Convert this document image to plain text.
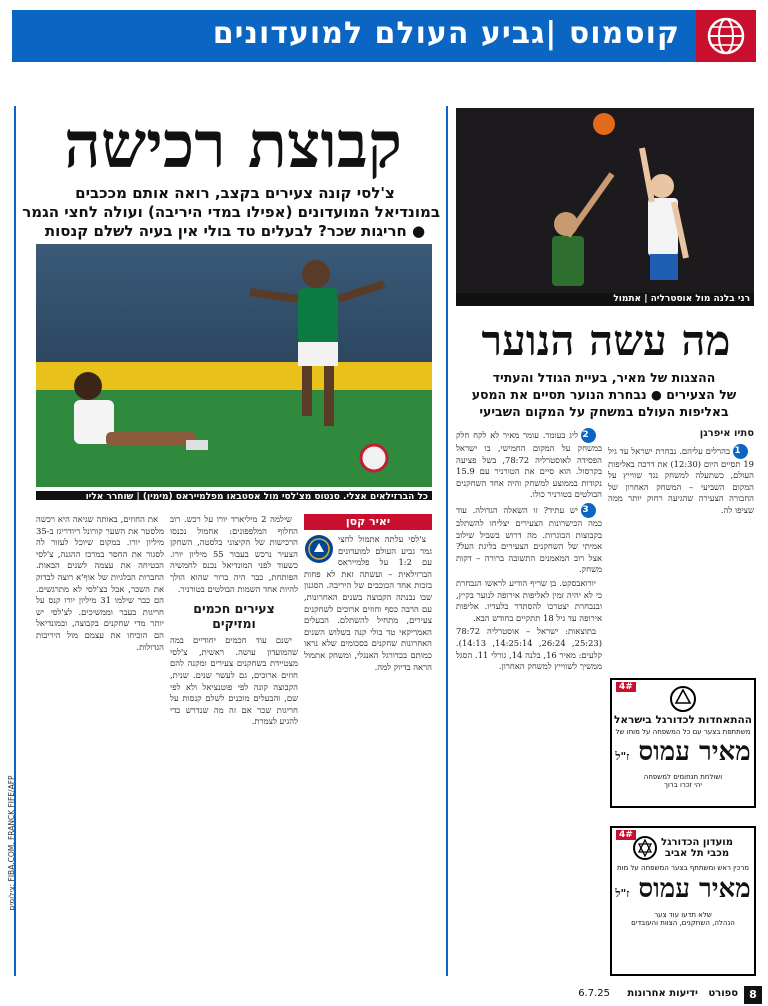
קוסמוס |גביע העולם למועדונים
קבוצת רכישה
צ'לסי קונה צעירים בקצב, רואה אותם מככבים
במונדיאל המועדונים (אפילו במדי היריבה) ועולה לחצי הגמר
● חריגות שכר? לבעלים טד בולי אין בעיה לשלם קנסות
כל הברזילאים אצלי. סנטוס מצ'לסי מול אסטבאו מפלמייראס (מימין) | שוחרר אליו
יאיר קסן

צ'לסי עלתה אתמול לחצי גמר גביע העולם למועדונים עם 1:2 על פלמייראס הברזילאית – ועשתה זאת לא פחות בזכות אחד הכוכבים של היריבה. הסגנון שבו נבנתה הקבוצה בשנים האחרונות, עם הרבה כסף וחוזים ארוכים לשחקנים צעירים, מתחיל להשתלם. הבעלים האמריקאי טד בולי קנה בשלוש השנים האחרונות שחקנים בסכומים שלא נראו כמותם בכדורגל האנגלי, ומשחק אתמול הראה בדיוק למה.

שילמה 2 מיליארד יורו על רכש. רוב החלוף המלפפונים: אחמול נכנסו הרכישות של הקיצוני בלסטה, השחקן הצעיר נרכש בעבור 55 מיליון יורו. כשעוד לפני המונדיאל נכנס לחמשיה הפותחת, כבר היה ברור שהוא הולך להיות אחד השמות הבולטים בטורניר.

צעירים חכמים ומזיקים

ישנם עוד חכמים יחודיים במה שהמועדון עושה. ראשית, צ'לסי מצטיידת בשחקנים צעירים ומקנה להם חוזים ארוכים, גם לעשר שנים. שנית, הקבוצה קונה לפי פוטנציאל ולא לפי שם, והבעלים מוכנים לשלם קנסות על חריגות שכר אם זה מה שנדרש כדי להגיע לצמרת.

את החוזים, באותה שגיאה היא רכשה מלסטר את השער קורונל ריודריגז ב-35 מיליון יורו. במקום שיוכל לעזור לה לסגור את החסר במרכז ההגנה, צ'לסי הבטיחה את עצמה לשנים הבאות. החברות הבלגיות של אוף'א רוצה לבדוק את השכר, אבל בצ'לסי לא מתרגשים. הם כבר שילמו 31 מיליון יורו קנס על חריגות בעבר וממשיכים. לצ'לסי יש יותר מדי שחקנים בקבוצה, ובמונדיאל הם הוכיחו את עצמם מול היריבות הגדולות.

רני בלנה מול אוסטרליה | אתמול
מה עשה הנוער
ההצגות של מאיר, בעיית הגודל והעתיד
של הצעירים ● נבחרת הנוער תסיים את המסע
באליפות העולם במשחק על המקום השביעי
סתיו איפרגן

1בהרלים עליהם. נבחרת ישראל עד גיל 19 תסיים היום (12:30) את דרכה באליפות העולם, כשתעלה למשחק נגד שווייץ על המקום השביעי – המשחק האחרון של החבורה הצעירה שהגיעה רחוק יותר ממה שציפו לה.

2ליג בעומר. עומר מאיר לא לקח חלק במשחק על המקום החמישי, בו ישראל הפסידה לאוסטרליה 78:72, בשל פציעה בקרסול. הוא סיים את הטורניר עם 15.9 נקודות בממוצע למשחק והיה אחד השחקנים הבולטים בטורניר כולו.

3יש עתיד? זו השאלה הגדולה. עוד כמה הכישרונות הצעירים יצליחו להשתלב בקבוצות הבוגרות. מה דרוש בשביל שילוב אמיתי של השחקנים הצעירים בליגת העל? אצל רוב המאמנים התשובה ברורה – דקות משחק.

יורואבסקט. בן שריף הודיע לראשו הנבחרת כי לא יהיה זמין לאליפות אירופה לנוער בקיץ, ובנבחרת יצטרכו להסתדר בלעדיו. אליפות אירופה עד גיל 18 תתקיים בחודש הבא.

בתוצאות: ישראל – אוסטרליה 78:72 (25:23, 26:24, 14:25:14, 14:13). קלעים: מאיר 16, בלנה 14, גורלי 11. הסגל ממשיך לשווייץ למשחק האחרון.

4#
ההתאחדות לכדורגל בישראל
משתתפת בצער עם כל המשפחה על מותו של
מאיר עמוס ז"ל
ושולחת תנחומים למשפחה
יהי זכרו ברוך
4#
מועדון הכדורגל
מכבי תל אביב
מרכין ראש ומשתתף בצער המשפחה על מות
מאיר עמוס ז"ל
שלא תדעו עוד צער
הנהלה, השחקנים, הצוות והעובדים
צילומים: FIBA.COM, FRANCK FIFE/AFP
8
ספורט
ידיעות אחרונות
6.7.25
